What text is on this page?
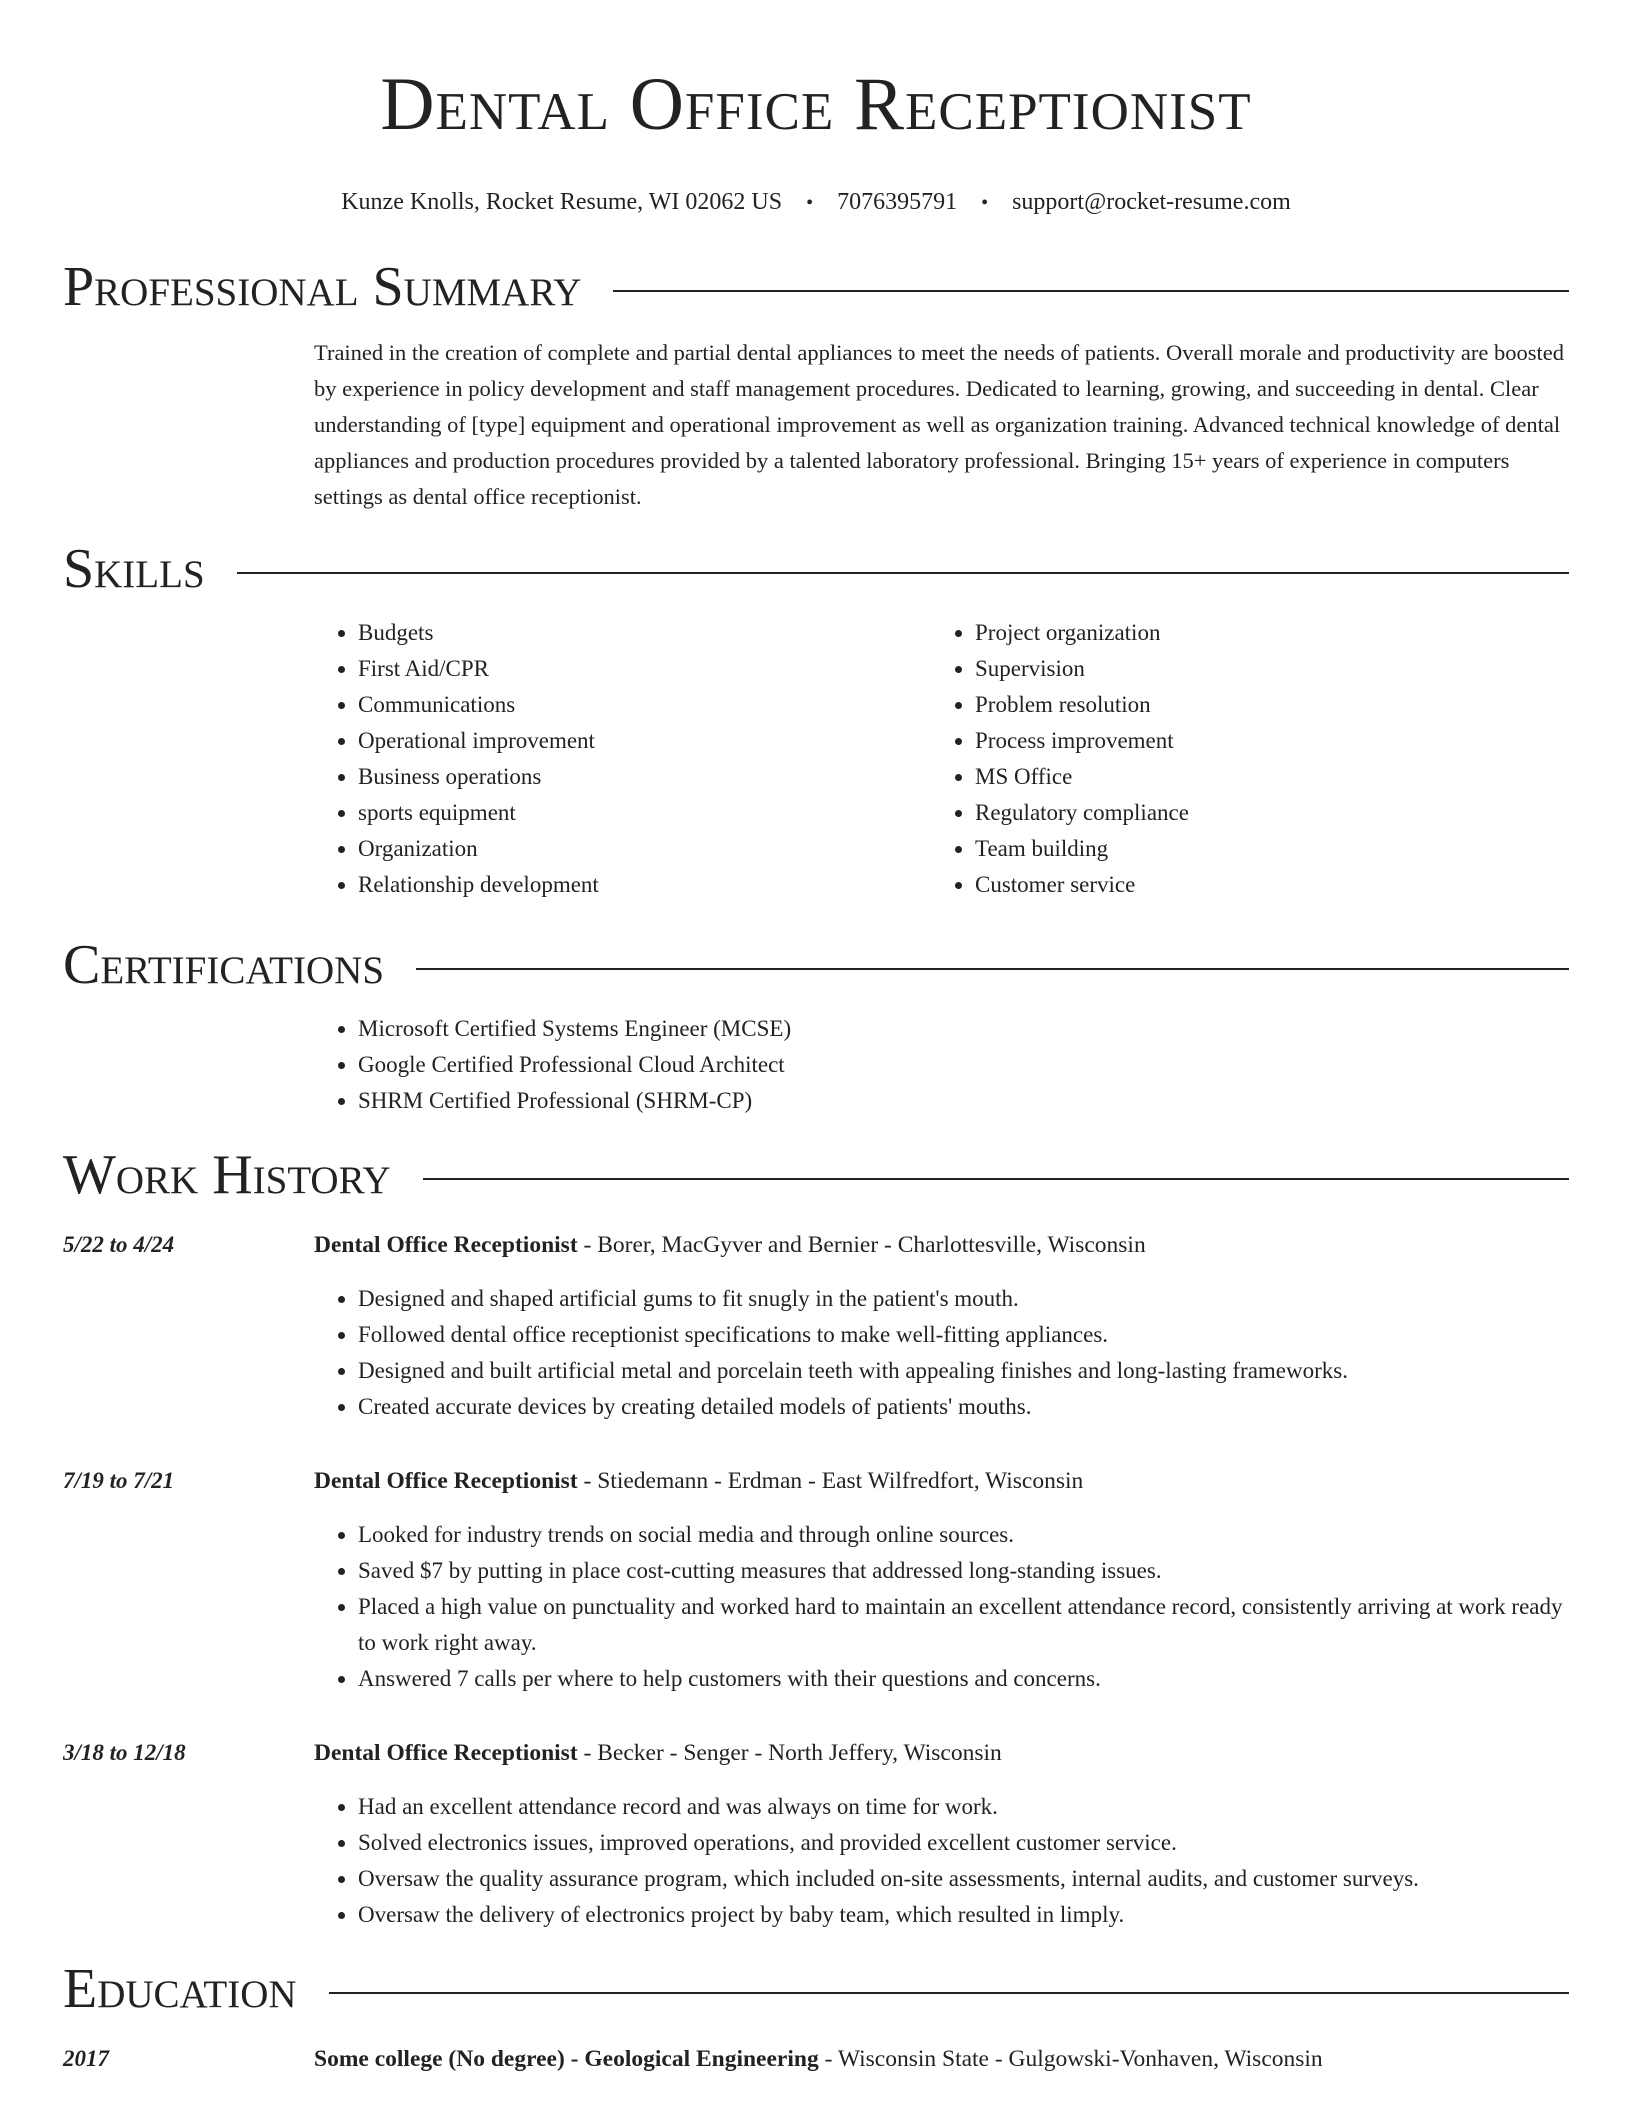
Dental Office Receptionist
Kunze Knolls, Rocket Resume, WI 02062 US • 7076395791 • support@rocket-resume.com
Professional Summary
Trained in the creation of complete and partial dental appliances to meet the needs of patients. Overall morale and productivity are boosted by experience in policy development and staff management procedures. Dedicated to learning, growing, and succeeding in dental. Clear understanding of [type] equipment and operational improvement as well as organization training. Advanced technical knowledge of dental appliances and production procedures provided by a talented laboratory professional. Bringing 15+ years of experience in computers settings as dental office receptionist.
Skills
• Budgets
• First Aid/CPR
• Communications
• Operational improvement
• Business operations
• sports equipment
• Organization
• Relationship development
• Project organization
• Supervision
• Problem resolution
• Process improvement
• MS Office
• Regulatory compliance
• Team building
• Customer service
Certifications
• Microsoft Certified Systems Engineer (MCSE)
• Google Certified Professional Cloud Architect
• SHRM Certified Professional (SHRM-CP)
Work History
5/22 to 4/24	Dental Office Receptionist - Borer, MacGyver and Bernier - Charlottesville, Wisconsin
• Designed and shaped artificial gums to fit snugly in the patient's mouth.
• Followed dental office receptionist specifications to make well-fitting appliances.
• Designed and built artificial metal and porcelain teeth with appealing finishes and long-lasting frameworks.
• Created accurate devices by creating detailed models of patients' mouths.
7/19 to 7/21	Dental Office Receptionist - Stiedemann - Erdman - East Wilfredfort, Wisconsin
• Looked for industry trends on social media and through online sources.
• Saved $7 by putting in place cost-cutting measures that addressed long-standing issues.
• Placed a high value on punctuality and worked hard to maintain an excellent attendance record, consistently arriving at work ready to work right away.
• Answered 7 calls per where to help customers with their questions and concerns.
3/18 to 12/18	Dental Office Receptionist - Becker - Senger - North Jeffery, Wisconsin
• Had an excellent attendance record and was always on time for work.
• Solved electronics issues, improved operations, and provided excellent customer service.
• Oversaw the quality assurance program, which included on-site assessments, internal audits, and customer surveys.
• Oversaw the delivery of electronics project by baby team, which resulted in limply.
Education
2017	Some college (No degree) - Geological Engineering - Wisconsin State - Gulgowski-Vonhaven, Wisconsin
